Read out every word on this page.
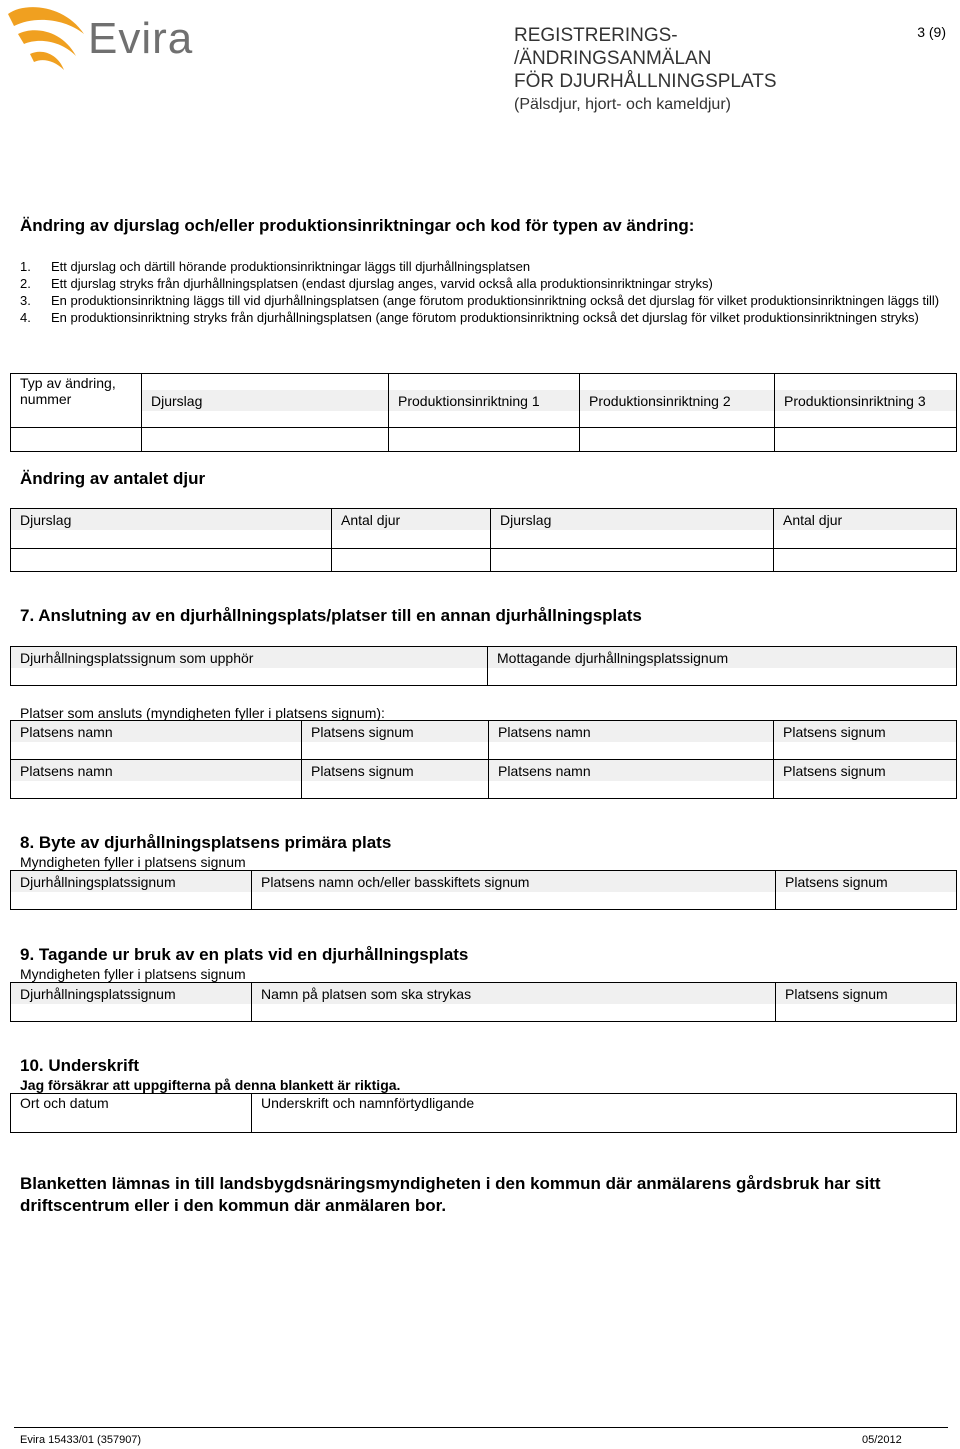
Evira	REGISTRERINGS-
/ÄNDRINGSANMÄLAN
FÖR DJURHÅLLNINGSPLATS
(Pälsdjur, hjort- och kameldjur)
3 (9)
Ändring av djurslag och/eller produktionsinriktningar och kod för typen av ändring:
1. Ett djurslag och därtill hörande produktionsinriktningar läggs till djurhållningsplatsen
2. Ett djurslag stryks från djurhållningsplatsen (endast djurslag anges, varvid också alla produktionsinriktningar stryks)
3. En produktionsinriktning läggs till vid djurhållningsplatsen (ange förutom produktionsinriktning också det djurslag för vilket produktionsinriktningen läggs till)
4. En produktionsinriktning stryks från djurhållningsplatsen (ange förutom produktionsinriktning också det djurslag för vilket produktionsinriktningen stryks)
Typ av ändring, nummer	Djurslag	Produktionsinriktning 1	Produktionsinriktning 2	Produktionsinriktning 3

Ändring av antalet djur
Djurslag	Antal djur	Djurslag	Antal djur

7. Anslutning av en djurhållningsplats/platser till en annan djurhållningsplats
Djurhållningsplatssignum som upphör	Mottagande djurhållningsplatssignum
Platser som ansluts (myndigheten fyller i platsens signum):
Platsens namn	Platsens signum	Platsens namn	Platsens signum

Platsens namn	Platsens signum	Platsens namn	Platsens signum
8. Byte av djurhållningsplatsens primära plats
Myndigheten fyller i platsens signum
Djurhållningsplatssignum	Platsens namn och/eller basskiftets signum	Platsens signum
9. Tagande ur bruk av en plats vid en djurhållningsplats
Myndigheten fyller i platsens signum
Djurhållningsplatssignum	Namn på platsen som ska strykas	Platsens signum
10. Underskrift
Jag försäkrar att uppgifterna på denna blankett är riktiga.
Ort och datum	Underskrift och namnförtydligande
Blanketten lämnas in till landsbygdsnäringsmyndigheten i den kommun där anmälarens gårdsbruk har sitt driftscentrum eller i den kommun där anmälaren bor.
Evira 15433/01 (357907)	05/2012
